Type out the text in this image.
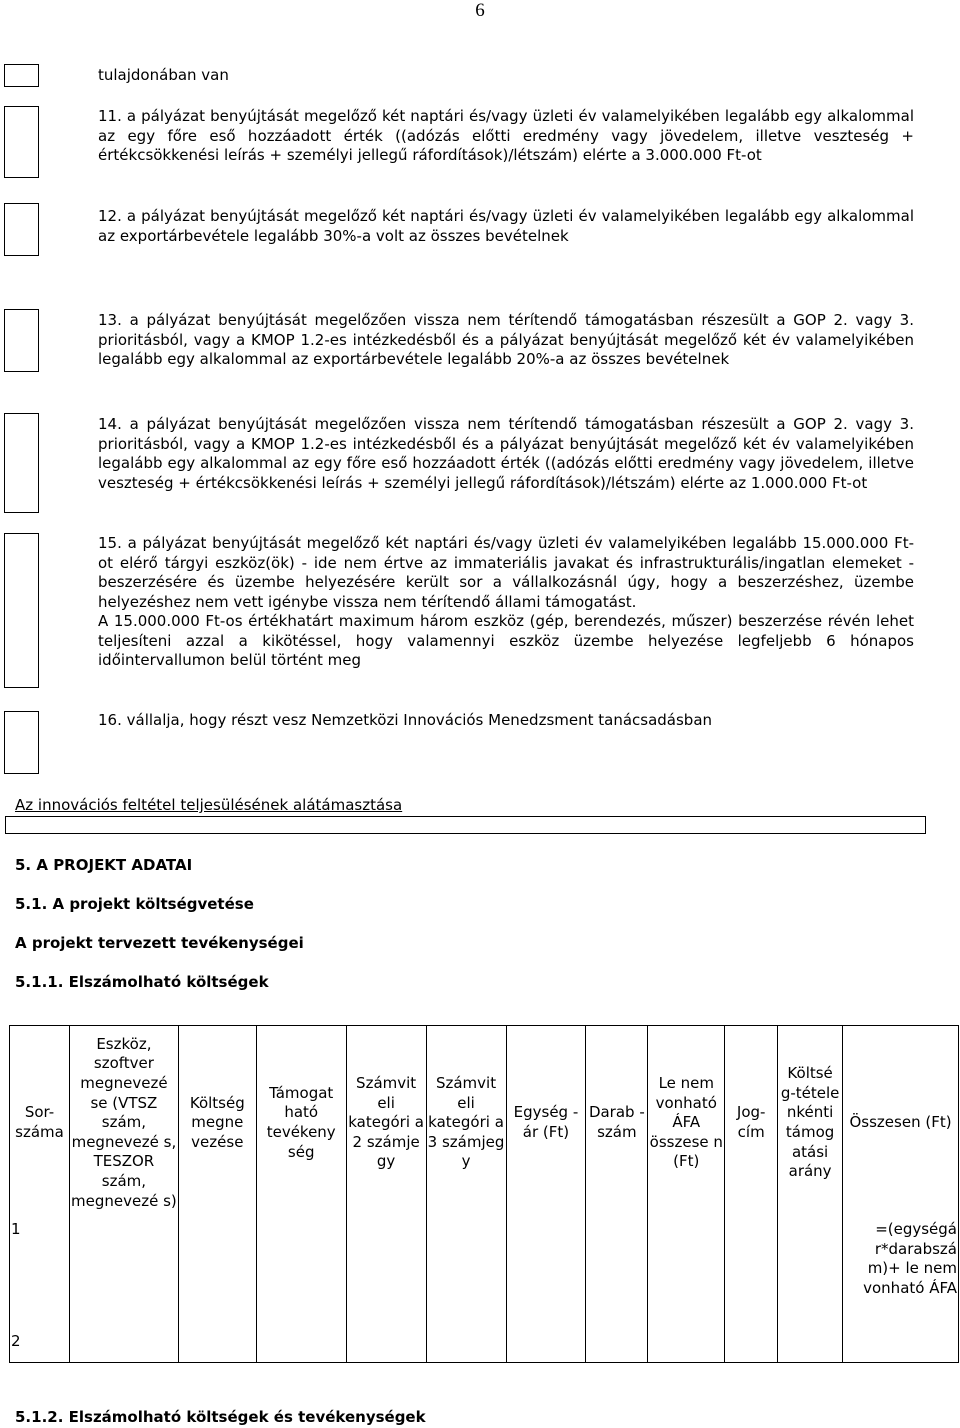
6
tulajdonában van
11. a pályázat benyújtását megelőző két naptári és/vagy üzleti év valamelyikében legalább egy alkalommal az egy főre eső hozzáadott érték ((adózás előtti eredmény vagy jövedelem, illetve veszteség + értékcsökkenési leírás + személyi jellegű ráfordítások)/létszám) elérte a 3.000.000 Ft-ot
12. a pályázat benyújtását megelőző két naptári és/vagy üzleti év valamelyikében legalább egy alkalommal az exportárbevétele legalább 30%-a volt az összes bevételnek
13. a pályázat benyújtását megelőzően vissza nem térítendő támogatásban részesült a GOP 2. vagy 3. prioritásból, vagy a KMOP 1.2-es intézkedésből és a pályázat benyújtását megelőző két év valamelyikében legalább egy alkalommal az exportárbevétele legalább 20%-a az összes bevételnek
14. a pályázat benyújtását megelőzően vissza nem térítendő támogatásban részesült a GOP 2. vagy 3. prioritásból, vagy a KMOP 1.2-es intézkedésből és a pályázat benyújtását megelőző két év valamelyikében legalább egy alkalommal az egy főre eső hozzáadott érték ((adózás előtti eredmény vagy jövedelem, illetve veszteség + értékcsökkenési leírás + személyi jellegű ráfordítások)/létszám) elérte az 1.000.000 Ft-ot
15. a pályázat benyújtását megelőző két naptári és/vagy üzleti év valamelyikében legalább 15.000.000 Ft-ot elérő tárgyi eszköz(ök) - ide nem értve az immateriális javakat és infrastrukturális/ingatlan elemeket - beszerzésére és üzembe helyezésére került sor a vállalkozásnál úgy, hogy a beszerzéshez, üzembe helyezéshez nem vett igénybe vissza nem térítendő állami támogatást.
A 15.000.000 Ft-os értékhatárt maximum három eszköz (gép, berendezés, műszer) beszerzése révén lehet teljesíteni azzal a kikötéssel, hogy valamennyi eszköz üzembe helyezése legfeljebb 6 hónapos időintervallumon belül történt meg
16. vállalja, hogy részt vesz Nemzetközi Innovációs Menedzsment tanácsadásban
Az innovációs feltétel teljesülésének alátámasztása
5. A PROJEKT ADATAI
5.1. A projekt költségvetése
A projekt tervezett tevékenységei
5.1.1. Elszámolható költségek
Sor-száma	Eszköz, szoftver megnevezé se (VTSZ szám, megnevezé s, TESZOR szám, megnevezé s)	Költség megne vezése	Támogat ható tevékeny ség	Számvit eli kategóri a 2 számje gy	Számvit eli kategóri a 3 számjeg y	Egység - ár (Ft)	Darab -szám	Le nem vonható ÁFA összese n (Ft)	Jog-cím	Költsé g-tétele nkénti támog atási arány	Összesen (Ft)
1											=(egységá r*darabszá m)+ le nem vonható ÁFA
2											
5.1.2. Elszámolható költségek és tevékenységek
